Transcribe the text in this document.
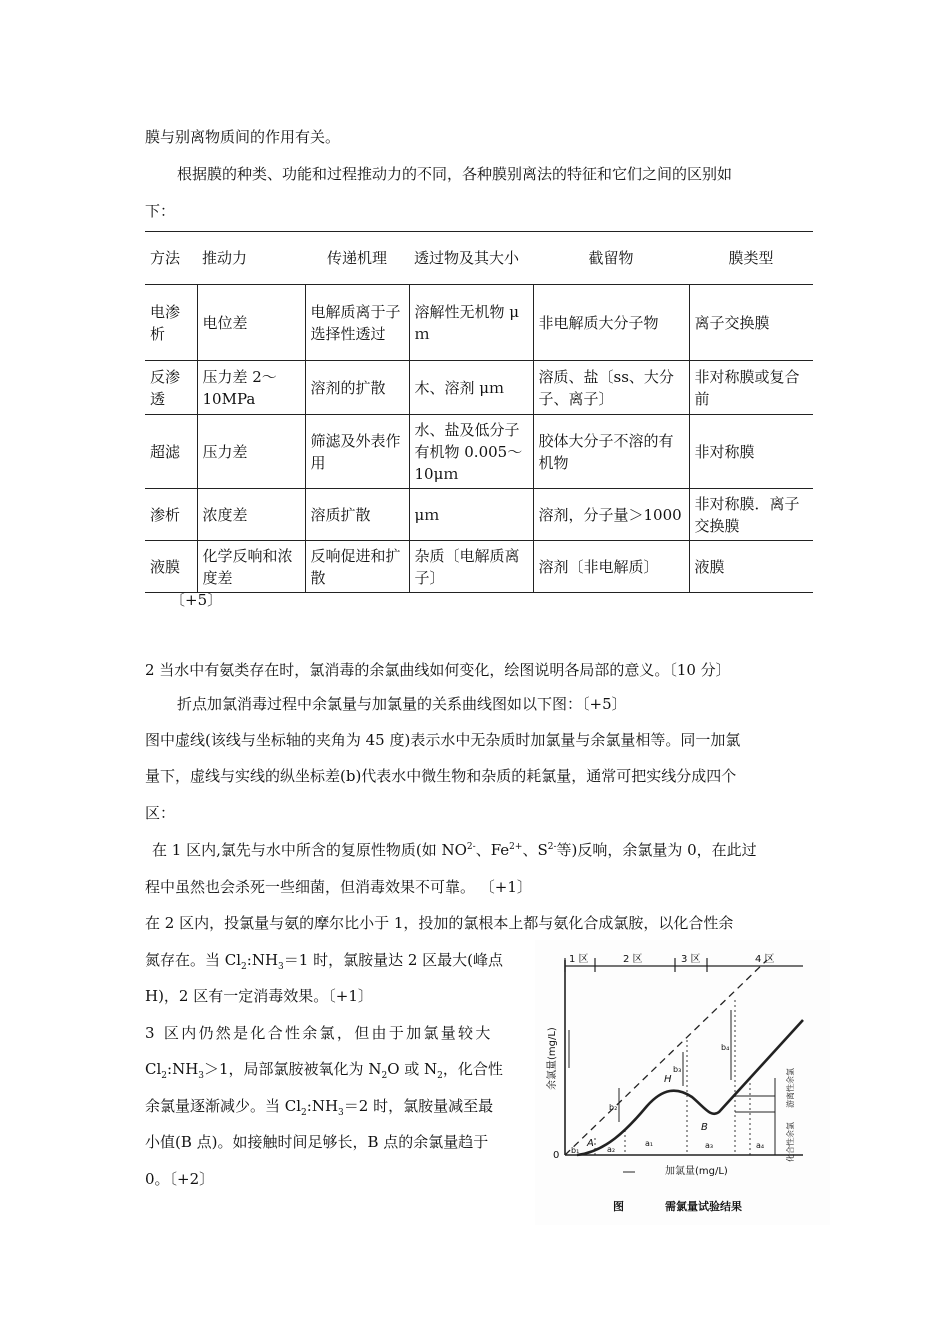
膜与别离物质间的作用有关。
根据膜的种类、功能和过程推动力的不同，各种膜别离法的特征和它们之间的区别如
下：
方法	推动力	传递机理	透过物及其大小	截留物	膜类型
电渗析	电位差	电解质离于子选择性透过	溶解性无机物 μｍ	非电解质大分子物	离子交换膜
反渗透	压力差 2～10MPa	溶剂的扩散	木、溶剂 μｍ	溶质、盐〔ss、大分子、离子〕	非对称膜或复合前
超滤	压力差	筛滤及外表作用	水、盐及低分子有机物 0.005～10μｍ	胶体大分子不溶的有机物	非对称膜
渗析	浓度差	溶质扩散	μｍ	溶剂，分子量＞1000	非对称膜．离子交换膜
液膜	化学反响和浓度差	反响促进和扩散	杂质〔电解质离子〕	溶剂〔非电解质〕	液膜
〔+5〕
2 当水中有氨类存在时，氯消毒的余氯曲线如何变化，绘图说明各局部的意义。〔10 分〕
折点加氯消毒过程中余氯量与加氯量的关系曲线图如以下图：〔+5〕
图中虚线(该线与坐标轴的夹角为 45 度)表示水中无杂质时加氯量与余氯量相等。同一加氯
量下，虚线与实线的纵坐标差(b)代表水中微生物和杂质的耗氯量，通常可把实线分成四个
区：
在 1 区内,氯先与水中所含的复原性物质(如 $NO^{2-}$、$Fe^{2+}$、$S^{2-}$等)反响，余氯量为 0，在此过
程中虽然也会杀死一些细菌，但消毒效果不可靠。 〔+1〕
在 2 区内，投氯量与氨的摩尔比小于 1，投加的氯根本上都与氨化合成氯胺，以化合性余
氮存在。当 $Cl_2:NH_3=1$ 时，氯胺量达 2 区最大(峰点
H)，2 区有一定消毒效果。〔+1〕
3 区内仍然是化合性余氯，但由于加氯量较大
$Cl_2:NH_3>1$，局部氯胺被氧化为 $N_2O$ 或 $N_2$，化合性
余氯量逐渐减少。当 $Cl_2:NH_3=2$ 时，氯胺量减至最
小值(B 点)。如接触时间足够长，B 点的余氯量趋于
0。〔+2〕
1 区	2 区	3 区	4 区
0
A
H
B
b₁
b₂
b₃
b₄
a₁
a₂	a₃	a₄
加氯量(mg/L)
余氯量(mg/L)	游离性余氯
化合性余氯
图	需氯量试验结果
